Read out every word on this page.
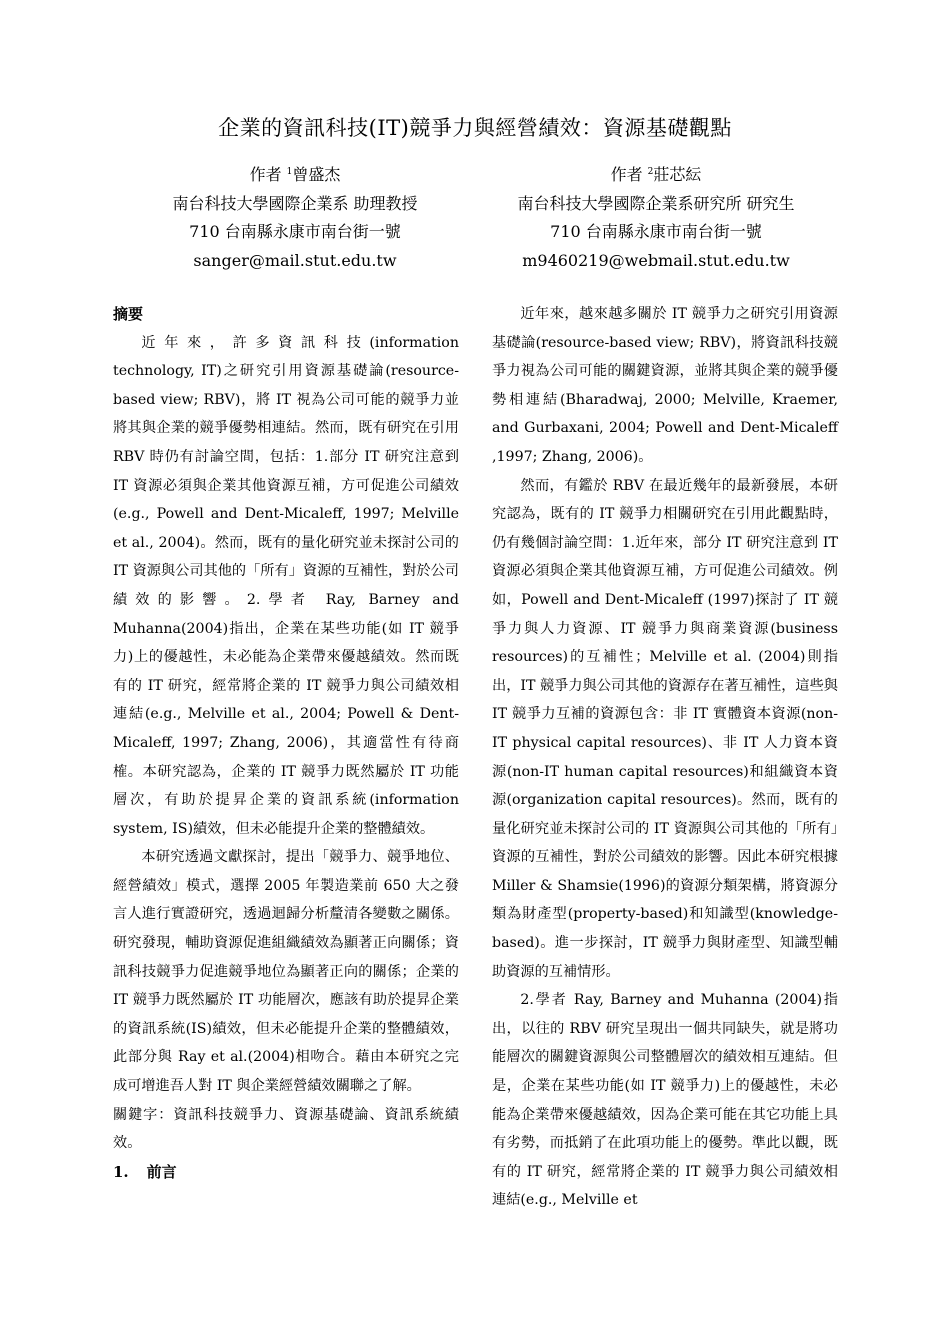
企業的資訊科技(IT)競爭力與經營績效：資源基礎觀點
作者 $^1$曾盛杰
南台科技大學國際企業系 助理教授
710 台南縣永康市南台街一號
sanger@mail.stut.edu.tw
作者 $^2$莊芯紜
南台科技大學國際企業系研究所 研究生
710 台南縣永康市南台街一號
m9460219@webmail.stut.edu.tw

摘要

近年來，許多資訊科技(information technology, IT)之研究引用資源基礎論(resource-based view; RBV)，將 IT 視為公司可能的競爭力並將其與企業的競爭優勢相連結。然而，既有研究在引用 RBV 時仍有討論空間，包括：1.部分 IT 研究注意到 IT 資源必須與企業其他資源互補，方可促進公司績效(e.g., Powell and Dent-Micaleff, 1997; Melville et al., 2004)。然而，既有的量化研究並未探討公司的 IT 資源與公司其他的「所有」資源的互補性，對於公司績效的影響。2.學者 Ray, Barney and Muhanna(2004)指出，企業在某些功能(如 IT 競爭力)上的優越性，未必能為企業帶來優越績效。然而既有的 IT 研究，經常將企業的 IT 競爭力與公司績效相連結(e.g., Melville et al., 2004; Powell & Dent-Micaleff, 1997; Zhang, 2006)，其適當性有待商榷。本研究認為，企業的 IT 競爭力既然屬於 IT 功能層次，有助於提昇企業的資訊系統(information system, IS)績效，但未必能提升企業的整體績效。

本研究透過文獻探討，提出「競爭力、競爭地位、經營績效」模式，選擇 2005 年製造業前 650 大之發言人進行實證研究，透過迴歸分析釐清各變數之關係。研究發現，輔助資源促進組織績效為顯著正向關係；資訊科技競爭力促進競爭地位為顯著正向的關係；企業的 IT 競爭力既然屬於 IT 功能層次，應該有助於提昇企業的資訊系統(IS)績效，但未必能提升企業的整體績效，此部分與 Ray et al.(2004)相吻合。藉由本研究之完成可增進吾人對 IT 與企業經營績效關聯之了解。

關鍵字：資訊科技競爭力、資源基礎論、資訊系統績效。

1. 前言

近年來，越來越多關於 IT 競爭力之研究引用資源基礎論(resource-based view; RBV)，將資訊科技競爭力視為公司可能的關鍵資源，並將其與企業的競爭優勢相連結(Bharadwaj, 2000; Melville, Kraemer, and Gurbaxani, 2004; Powell and Dent-Micaleff ,1997; Zhang, 2006)。

然而，有鑑於 RBV 在最近幾年的最新發展，本研究認為，既有的 IT 競爭力相關研究在引用此觀點時，仍有幾個討論空間：1.近年來，部分 IT 研究注意到 IT 資源必須與企業其他資源互補，方可促進公司績效。例如，Powell and Dent-Micaleff (1997)探討了 IT 競爭力與人力資源、IT 競爭力與商業資源(business resources)的互補性；Melville et al. (2004)則指出，IT 競爭力與公司其他的資源存在著互補性，這些與 IT 競爭力互補的資源包含：非 IT 實體資本資源(non-IT physical capital resources)、非 IT 人力資本資源(non-IT human capital resources)和組織資本資源(organization capital resources)。然而，既有的量化研究並未探討公司的 IT 資源與公司其他的「所有」資源的互補性，對於公司績效的影響。因此本研究根據 Miller & Shamsie(1996)的資源分類架構，將資源分類為財產型(property-based)和知識型(knowledge-based)。進一步探討，IT 競爭力與財產型、知識型輔助資源的互補情形。

2.學者 Ray, Barney and Muhanna (2004)指出，以往的 RBV 研究呈現出一個共同缺失，就是將功能層次的關鍵資源與公司整體層次的績效相互連結。但是，企業在某些功能(如 IT 競爭力)上的優越性，未必能為企業帶來優越績效，因為企業可能在其它功能上具有劣勢，而抵銷了在此項功能上的優勢。準此以觀，既有的 IT 研究，經常將企業的 IT 競爭力與公司績效相連結(e.g., Melville et
